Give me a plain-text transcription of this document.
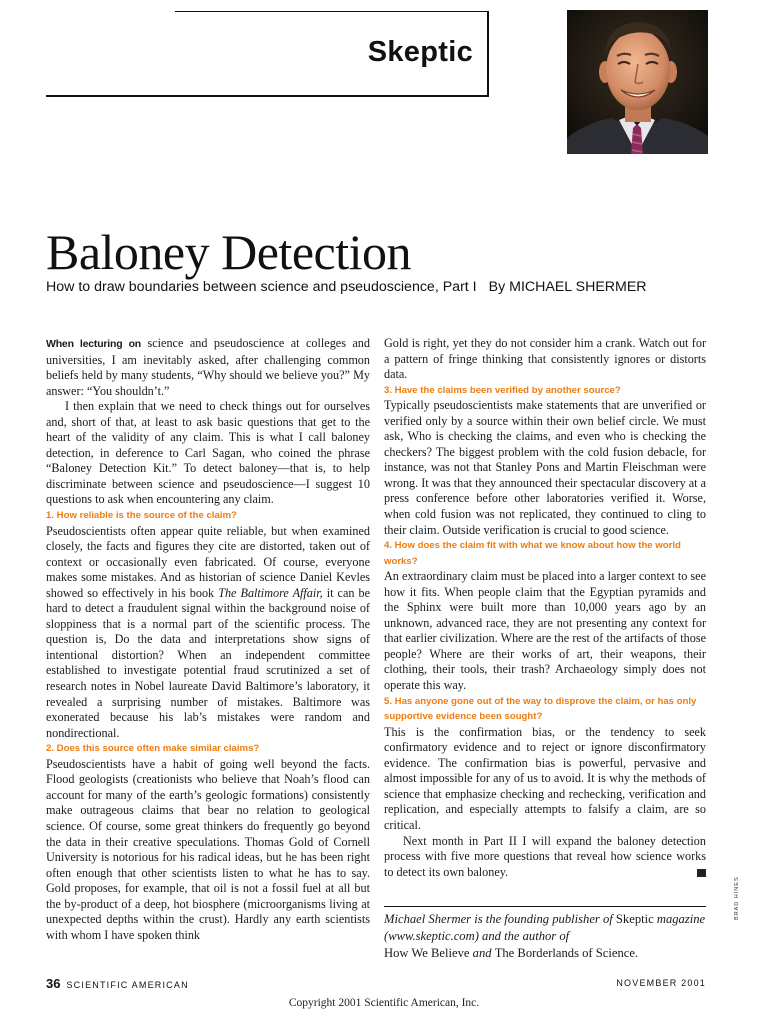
Skeptic
Baloney Detection
How to draw boundaries between science and pseudoscience, Part I By MICHAEL SHERMER

When lecturing on science and pseudoscience at colleges and universities, I am inevitably asked, after challenging common beliefs held by many students, “Why should we believe you?” My answer: “You shouldn’t.”

I then explain that we need to check things out for ourselves and, short of that, at least to ask basic questions that get to the heart of the validity of any claim. This is what I call baloney detection, in deference to Carl Sagan, who coined the phrase “Baloney Detection Kit.” To detect baloney—that is, to help discriminate between science and pseudoscience—I suggest 10 questions to ask when encountering any claim.

1. How reliable is the source of the claim?

Pseudoscientists often appear quite reliable, but when examined closely, the facts and figures they cite are distorted, taken out of context or occasionally even fabricated. Of course, everyone makes some mistakes. And as historian of science Daniel Kevles showed so effectively in his book The Baltimore Affair, it can be hard to detect a fraudulent signal within the background noise of sloppiness that is a normal part of the scientific process. The question is, Do the data and interpretations show signs of intentional distortion? When an independent committee established to investigate potential fraud scrutinized a set of research notes in Nobel laureate David Baltimore’s laboratory, it revealed a surprising number of mistakes. Baltimore was exonerated because his lab’s mistakes were random and nondirectional.

2. Does this source often make similar claims?

Pseudoscientists have a habit of going well beyond the facts. Flood geologists (creationists who believe that Noah’s flood can account for many of the earth’s geologic formations) consistently make outrageous claims that bear no relation to geological science. Of course, some great thinkers do frequently go beyond the data in their creative speculations. Thomas Gold of Cornell University is notorious for his radical ideas, but he has been right often enough that other scientists listen to what he has to say. Gold proposes, for example, that oil is not a fossil fuel at all but the by-product of a deep, hot biosphere (microorganisms living at unexpected depths within the crust). Hardly any earth scientists with whom I have spoken think

Gold is right, yet they do not consider him a crank. Watch out for a pattern of fringe thinking that consistently ignores or distorts data.

3. Have the claims been verified by another source?

Typically pseudoscientists make statements that are unverified or verified only by a source within their own belief circle. We must ask, Who is checking the claims, and even who is checking the checkers? The biggest problem with the cold fusion debacle, for instance, was not that Stanley Pons and Martin Fleischman were wrong. It was that they announced their spectacular discovery at a press conference before other laboratories verified it. Worse, when cold fusion was not replicated, they continued to cling to their claim. Outside verification is crucial to good science.

4. How does the claim fit with what we know about how the world works?

An extraordinary claim must be placed into a larger context to see how it fits. When people claim that the Egyptian pyramids and the Sphinx were built more than 10,000 years ago by an unknown, advanced race, they are not presenting any context for that earlier civilization. Where are the rest of the artifacts of those people? Where are their works of art, their weapons, their clothing, their tools, their trash? Archaeology simply does not operate this way.

5. Has anyone gone out of the way to disprove the claim, or has only supportive evidence been sought?

This is the confirmation bias, or the tendency to seek confirmatory evidence and to reject or ignore disconfirmatory evidence. The confirmation bias is powerful, pervasive and almost impossible for any of us to avoid. It is why the methods of science that emphasize checking and rechecking, verification and replication, and especially attempts to falsify a claim, are so critical.

Next month in Part II I will expand the baloney detection process with five more questions that reveal how science works to detect its own baloney.	SA

Michael Shermer is the founding publisher of Skeptic magazine (www.skeptic.com) and the author of
How We Believe and The Borderlands of Science.
BRAD HINES
36 SCIENTIFIC AMERICAN	NOVEMBER 2001
Copyright 2001 Scientific American, Inc.
